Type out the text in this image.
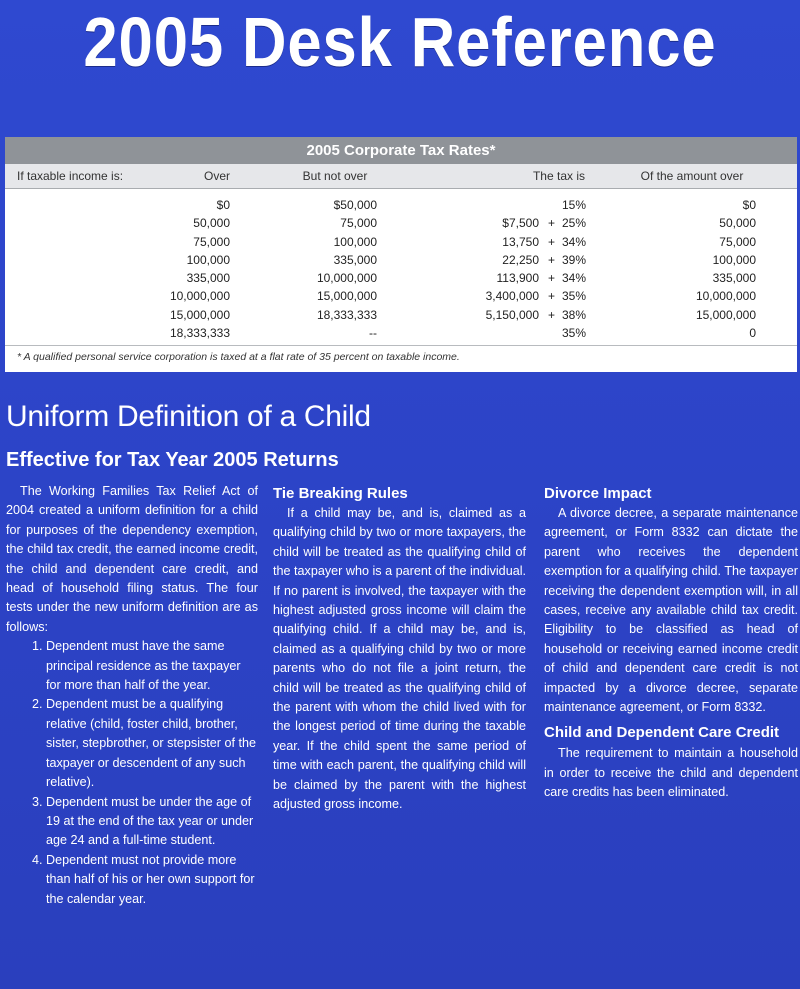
2005 Desk Reference
2005 Corporate Tax Rates*
If taxable income is:	Over	But not over	The tax is	Of the amount over
$0	$50,000	15%	$0
50,000	75,000	$7,500 + 25%	50,000
75,000	100,000	13,750 + 34%	75,000
100,000	335,000	22,250 + 39%	100,000
335,000	10,000,000	113,900 + 34%	335,000
10,000,000	15,000,000	3,400,000 + 35%	10,000,000
15,000,000	18,333,333	5,150,000 + 38%	15,000,000
18,333,333	--	35%	0
* A qualified personal service corporation is taxed at a flat rate of 35 percent on taxable income.
Uniform Definition of a Child
Effective for Tax Year 2005 Returns

The Working Families Tax Relief Act of 2004 created a uniform definition for a child for purposes of the dependency exemption, the child tax credit, the earned income credit, the child and dependent care credit, and head of household filing status. The four tests under the new uniform definition are as follows:

1. Dependent must have the same principal residence as the taxpayer for more than half of the year.
2. Dependent must be a qualifying relative (child, foster child, brother, sister, stepbrother, or stepsister of the taxpayer or descendent of any such relative).
3. Dependent must be under the age of 19 at the end of the tax year or under age 24 and a full-time student.
4. Dependent must not provide more than half of his or her own support for the calendar year.
Tie Breaking Rules

If a child may be, and is, claimed as a qualifying child by two or more taxpayers, the child will be treated as the qualifying child of the taxpayer who is a parent of the individual. If no parent is involved, the taxpayer with the highest adjusted gross income will claim the qualifying child. If a child may be, and is, claimed as a qualifying child by two or more parents who do not file a joint return, the child will be treated as the qualifying child of the parent with whom the child lived with for the longest period of time during the taxable year. If the child spent the same period of time with each parent, the qualifying child will be claimed by the parent with the highest adjusted gross income.

Divorce Impact

A divorce decree, a separate maintenance agreement, or Form 8332 can dictate the parent who receives the dependent exemption for a qualifying child. The taxpayer receiving the dependent exemption will, in all cases, receive any available child tax credit. Eligibility to be classified as head of household or receiving earned income credit of child and dependent care credit is not impacted by a divorce decree, separate maintenance agreement, or Form 8332.

Child and Dependent Care Credit

The requirement to maintain a household in order to receive the child and dependent care credits has been eliminated.
